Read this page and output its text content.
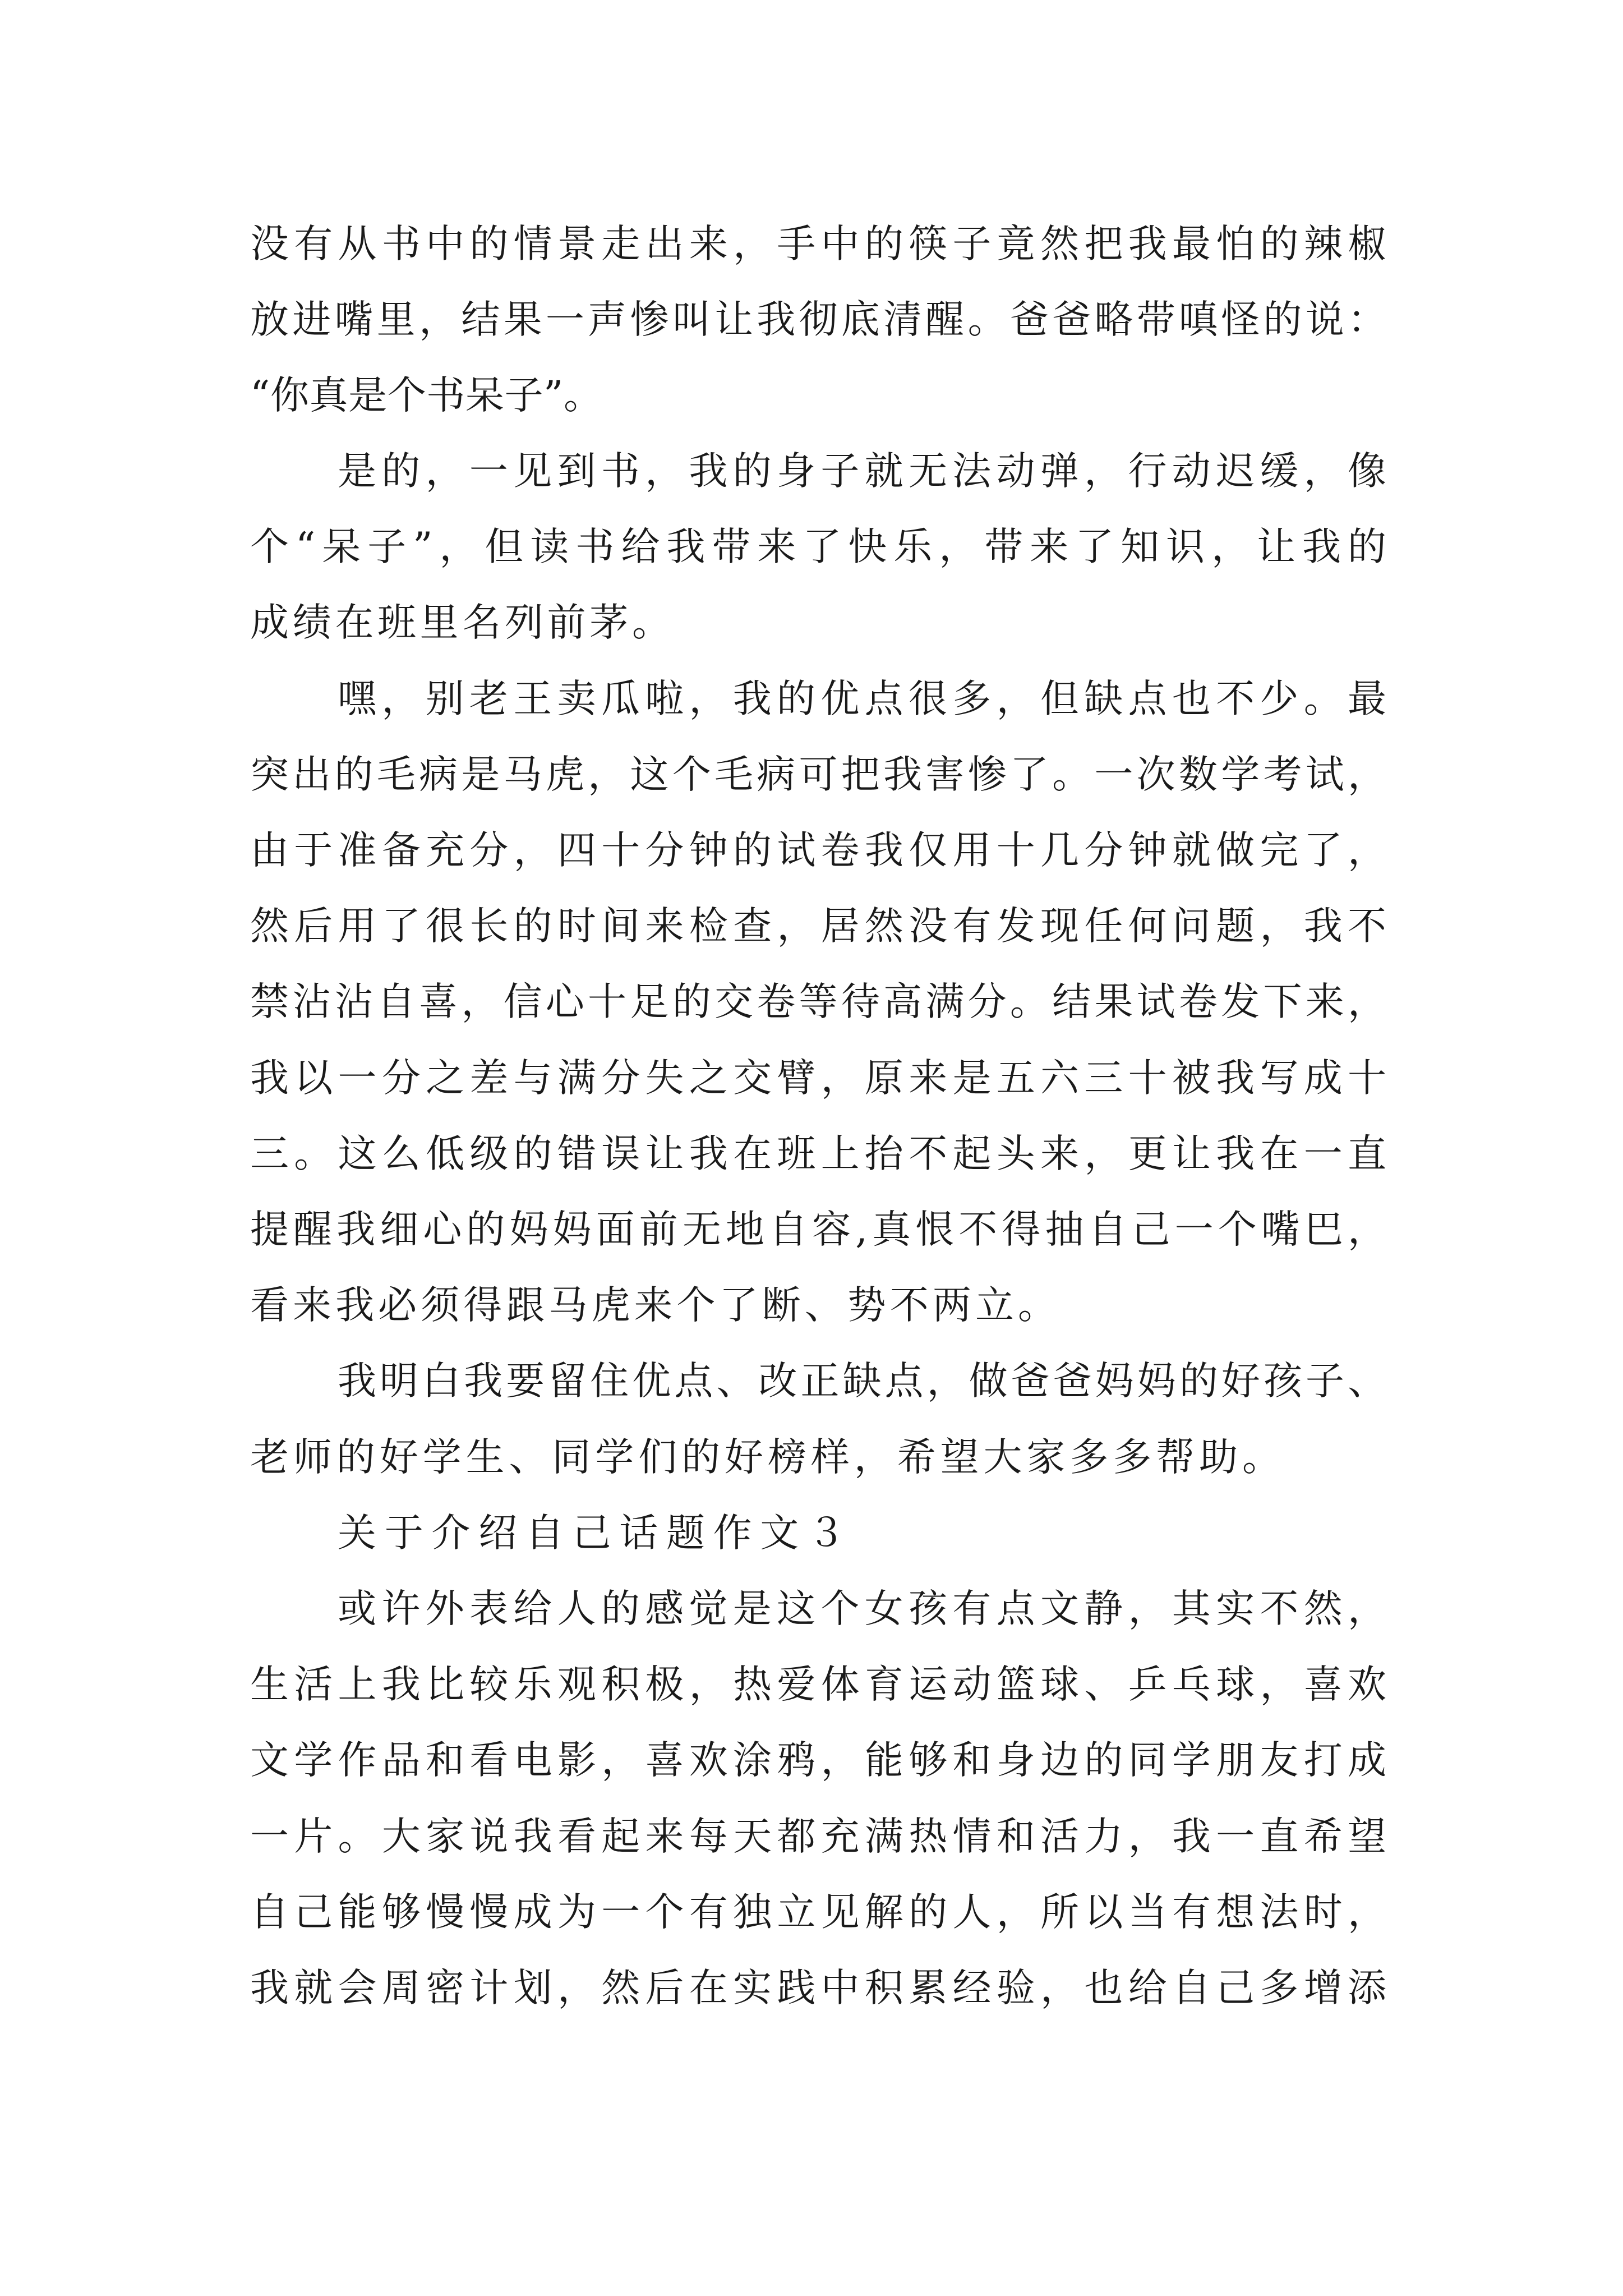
没​有​从​书​中​的​情​景​走​出​来​，​手​中​的​筷​子​竟​然​把​我​最​怕​的​辣​椒
放​进​嘴​里​，​结​果​一​声​惨​叫​让​我​彻​底​清​醒​。​爸​爸​略​带​嗔​怪​的​说​：
“​你​真​是​个​书​呆​子​”​。
是​的​，​一​见​到​书​，​我​的​身​子​就​无​法​动​弹​，​行​动​迟​缓​，​像
个​“​呆​子​”​，​但​读​书​给​我​带​来​了​快​乐​，​带​来​了​知​识​，​让​我​的
成​绩​在​班​里​名​列​前​茅​。
嘿​，​别​老​王​卖​瓜​啦​，​我​的​优​点​很​多​，​但​缺​点​也​不​少​。​最
突​出​的​毛​病​是​马​虎​，​这​个​毛​病​可​把​我​害​惨​了​。​一​次​数​学​考​试​，
由​于​准​备​充​分​，​四​十​分​钟​的​试​卷​我​仅​用​十​几​分​钟​就​做​完​了​，
然​后​用​了​很​长​的​时​间​来​检​查​，​居​然​没​有​发​现​任​何​问​题​，​我​不
禁​沾​沾​自​喜​，​信​心​十​足​的​交​卷​等​待​高​满​分​。​结​果​试​卷​发​下​来​，
我​以​一​分​之​差​与​满​分​失​之​交​臂​，​原​来​是​五​六​三​十​被​我​写​成​十
三​。​这​么​低​级​的​错​误​让​我​在​班​上​抬​不​起​头​来​，​更​让​我​在​一​直
提​醒​我​细​心​的​妈​妈​面​前​无​地​自​容​,​真​恨​不​得​抽​自​己​一​个​嘴​巴​，
看​来​我​必​须​得​跟​马​虎​来​个​了​断​、​势​不​两​立​。
我​明​白​我​要​留​住​优​点​、​改​正​缺​点​，​做​爸​爸​妈​妈​的​好​孩​子​、
老​师​的​好​学​生​、​同​学​们​的​好​榜​样​，​希​望​大​家​多​多​帮​助​。
关​于​介​绍​自​己​话​题​作​文​３
或​许​外​表​给​人​的​感​觉​是​这​个​女​孩​有​点​文​静​，​其​实​不​然​，
生​活​上​我​比​较​乐​观​积​极​，​热​爱​体​育​运​动​篮​球​、​乒​乓​球​，​喜​欢
文​学​作​品​和​看​电​影​，​喜​欢​涂​鸦​，​能​够​和​身​边​的​同​学​朋​友​打​成
一​片​。​大​家​说​我​看​起​来​每​天​都​充​满​热​情​和​活​力​，​我​一​直​希​望
自​己​能​够​慢​慢​成​为​一​个​有​独​立​见​解​的​人​，​所​以​当​有​想​法​时​，
我​就​会​周​密​计​划​，​然​后​在​实​践​中​积​累​经​验​，​也​给​自​己​多​增​添
